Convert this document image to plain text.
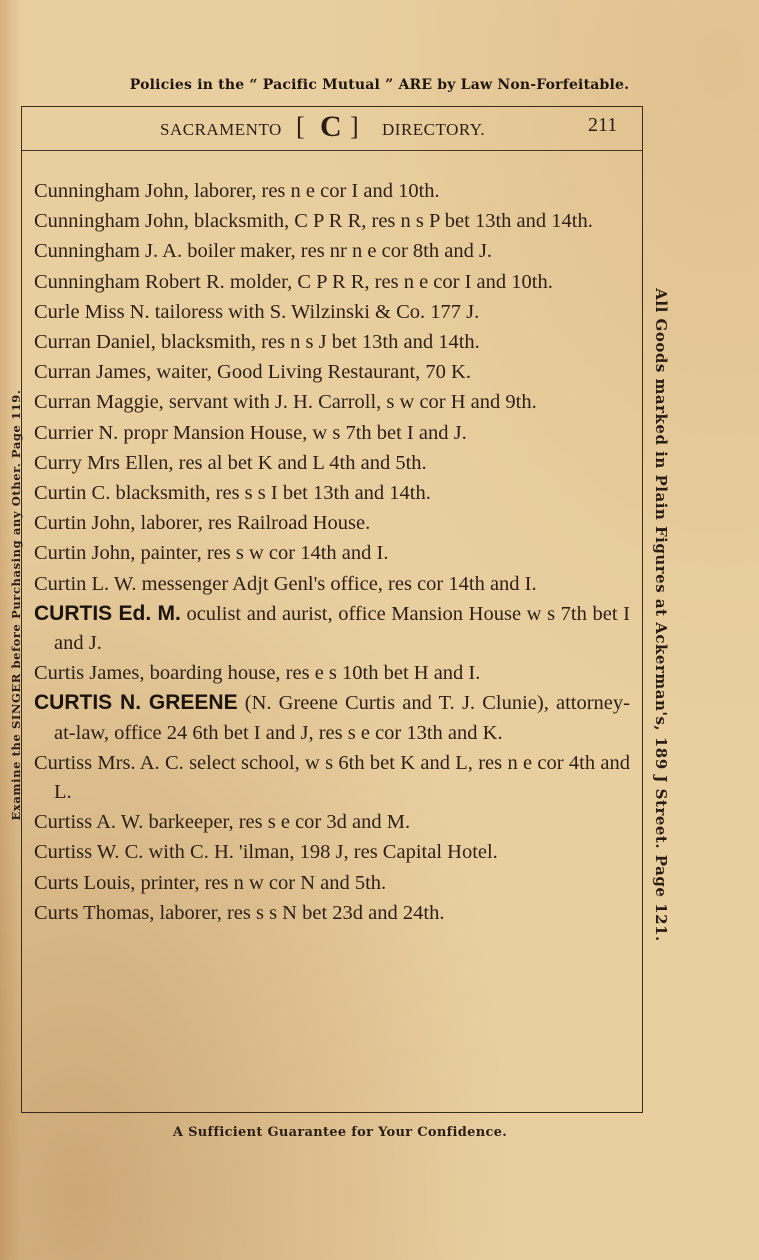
Policies in the “ Pacific Mutual ” ARE by Law Non-Forfeitable.
SACRAMENTO [ C ] DIRECTORY.	211
Cunningham John, laborer, res n e cor I and 10th.
Cunningham John, blacksmith, C P R R, res n s P bet 13th and 14th.
Cunningham J. A. boiler maker, res nr n e cor 8th and J.
Cunningham Robert R. molder, C P R R, res n e cor I and 10th.
Curle Miss N. tailoress with S. Wilzinski & Co. 177 J.
Curran Daniel, blacksmith, res n s J bet 13th and 14th.
Curran James, waiter, Good Living Restaurant, 70 K.
Curran Maggie, servant with J. H. Carroll, s w cor H and 9th.
Currier N. propr Mansion House, w s 7th bet I and J.
Curry Mrs Ellen, res al bet K and L 4th and 5th.
Curtin C. blacksmith, res s s I bet 13th and 14th.
Curtin John, laborer, res Railroad House.
Curtin John, painter, res s w cor 14th and I.
Curtin L. W. messenger Adjt Genl's office, res cor 14th and I.
CURTIS Ed. M. oculist and aurist, office Mansion House w s 7th bet I and J.
Curtis James, boarding house, res e s 10th bet H and I.
CURTIS N. GREENE (N. Greene Curtis and T. J. Clunie), attorney-at-law, office 24 6th bet I and J, res s e cor 13th and K.
Curtiss Mrs. A. C. select school, w s 6th bet K and L, res n e cor 4th and L.
Curtiss A. W. barkeeper, res s e cor 3d and M.
Curtiss W. C. with C. H. 'ilman, 198 J, res Capital Hotel.
Curts Louis, printer, res n w cor N and 5th.
Curts Thomas, laborer, res s s N bet 23d and 24th.
A Sufficient Guarantee for Your Confidence.
Examine the SINGER before Purchasing any Other. Page 119.	All Goods marked in Plain Figures at Ackerman's, 189 J Street. Page 121.
